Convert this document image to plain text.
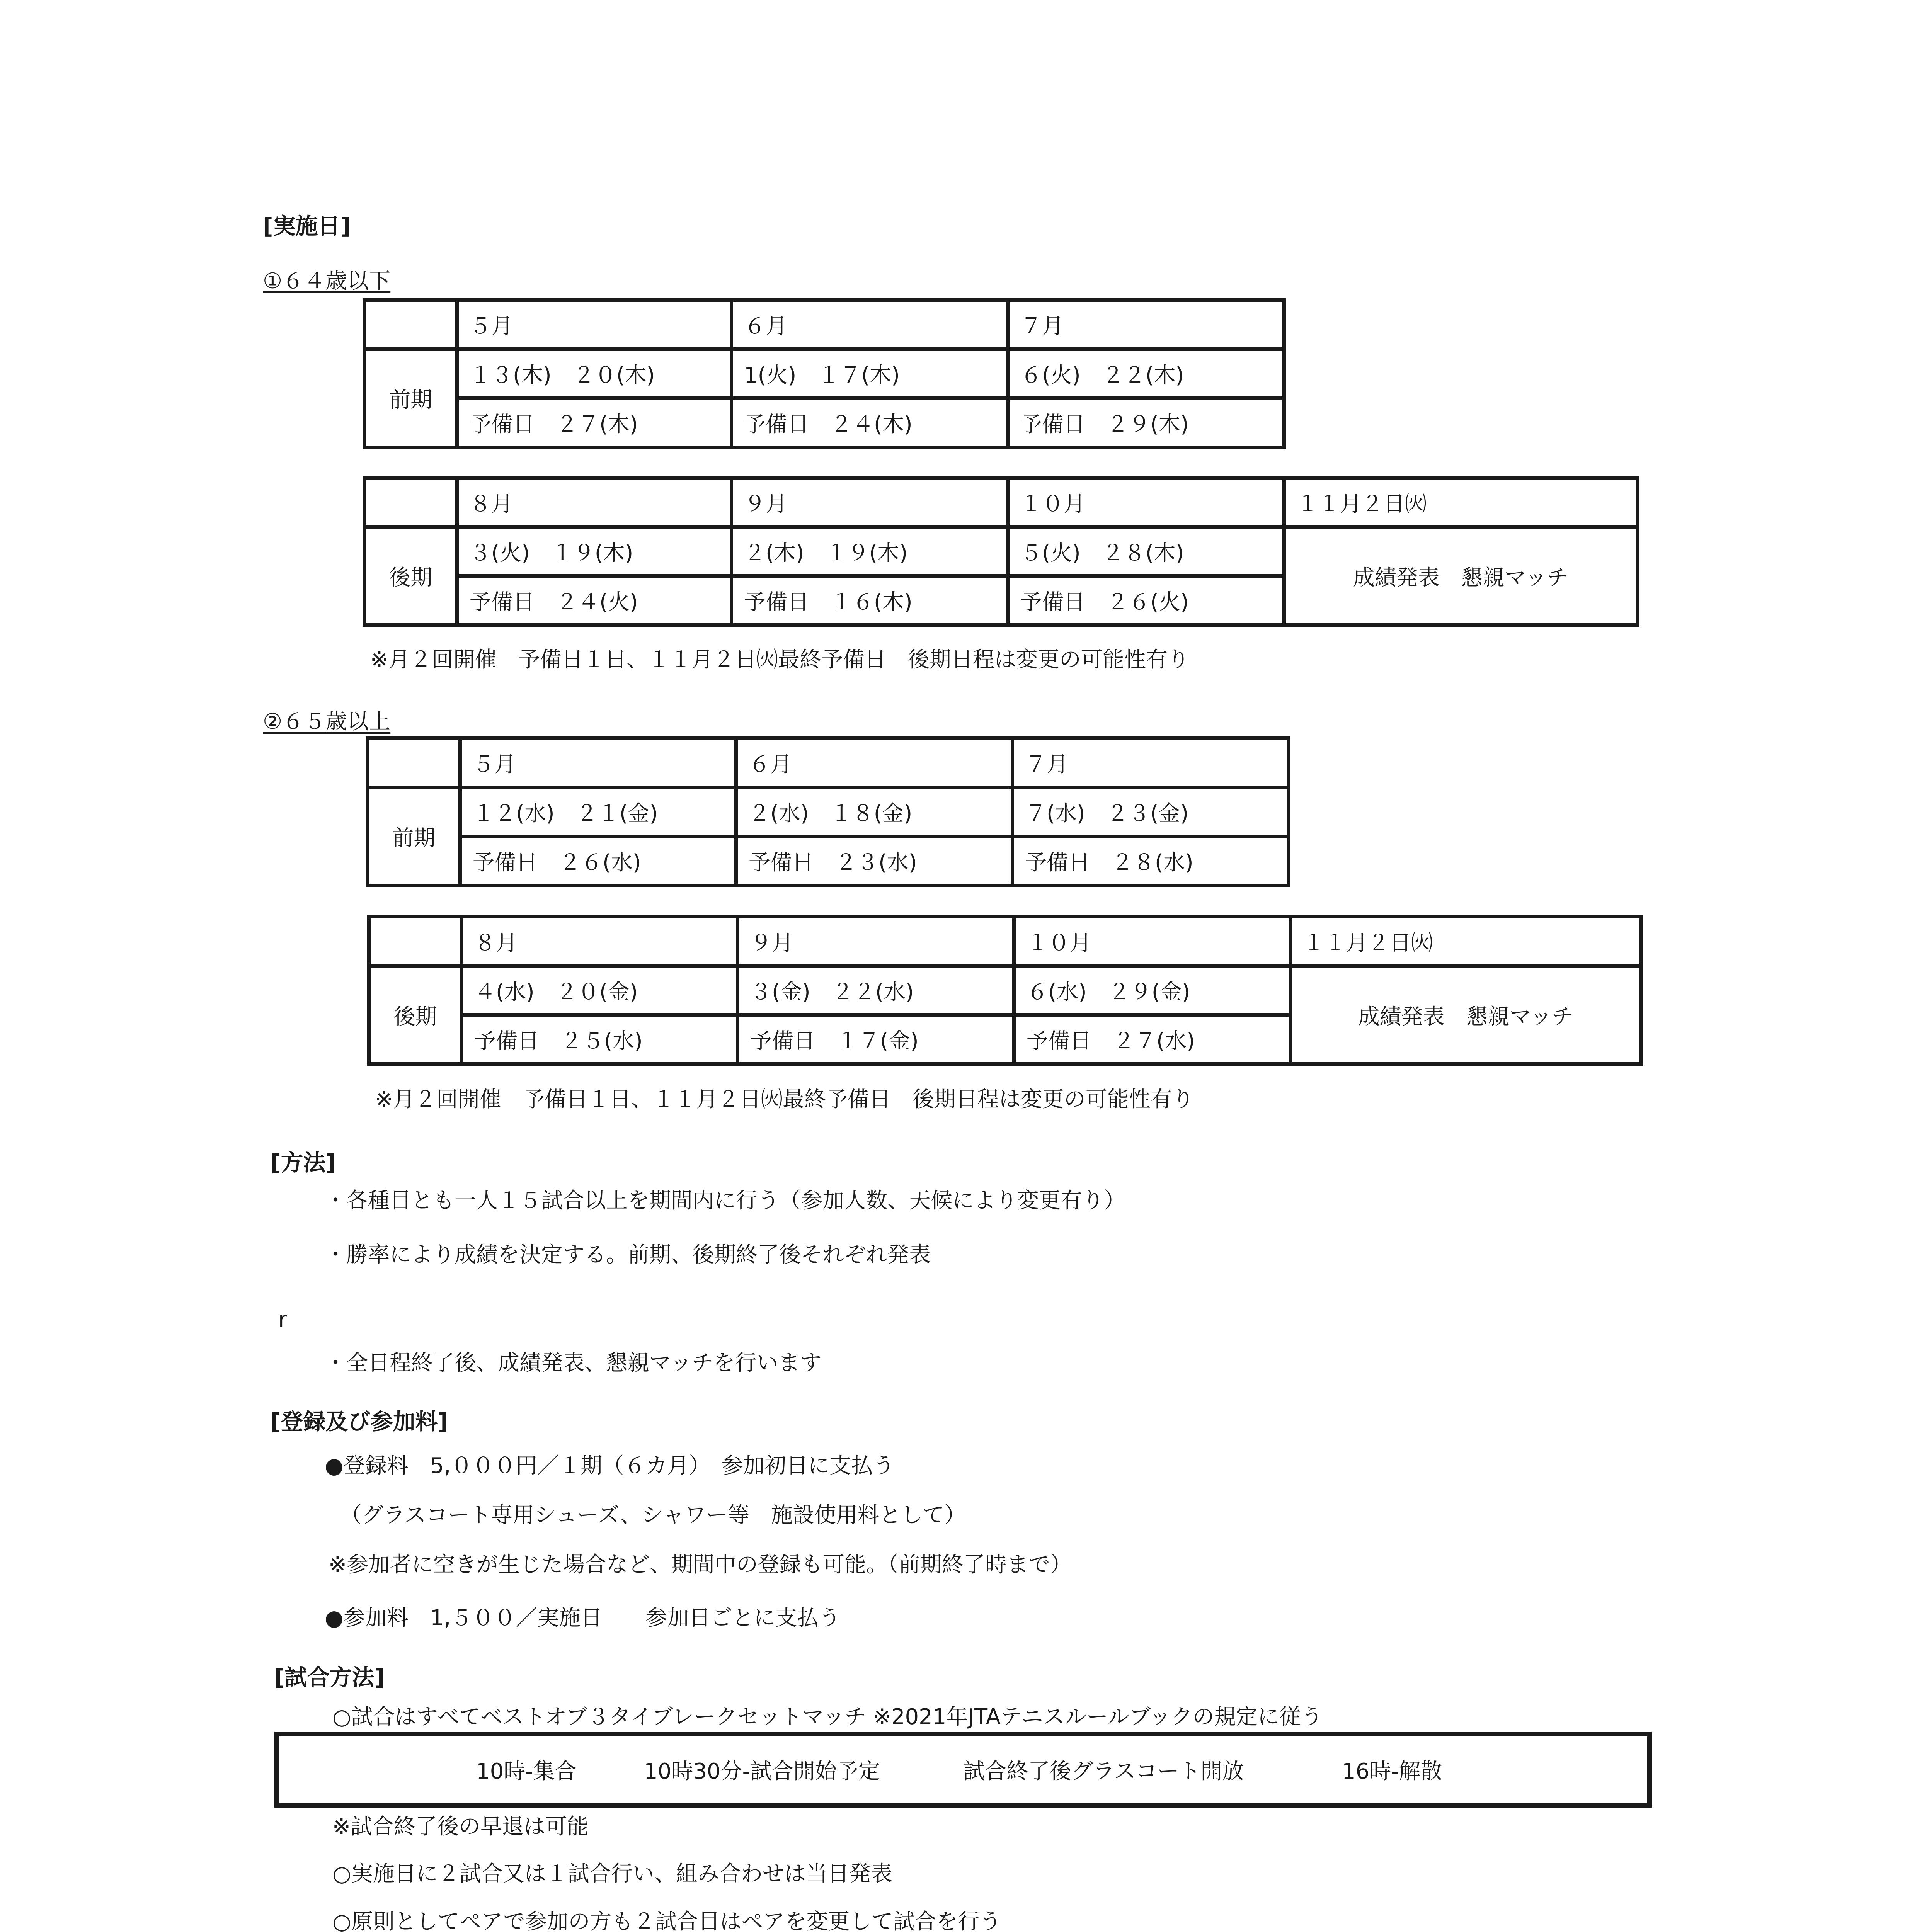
[実施日]
①６４歳以下
	５月	６月	７月
前期	１３(木)　２０(木)	1(火)　１７(木)	６(火)　２２(木)
	予備日　２７(木)	予備日　２４(木)	予備日　２９(木)
	８月	９月	１０月	１１月２日㈫
後期	３(火)　１９(木)	２(木)　１９(木)	５(火)　２８(木)	成績発表　懇親マッチ
	予備日　２４(火)	予備日　１６(木)	予備日　２６(火)	
※月２回開催　予備日１日、１１月２日㈫最終予備日　後期日程は変更の可能性有り
②６５歳以上
	５月	６月	７月
前期	１２(水)　２１(金)	２(水)　１８(金)	７(水)　２３(金)
	予備日　２６(水)	予備日　２３(水)	予備日　２８(水)
	８月	９月	１０月	１１月２日㈫
後期	４(水)　２０(金)	３(金)　２２(水)	６(水)　２９(金)	成績発表　懇親マッチ
	予備日　２５(水)	予備日　１７(金)	予備日　２７(水)	
※月２回開催　予備日１日、１１月２日㈫最終予備日　後期日程は変更の可能性有り
[方法]
・各種目とも一人１５試合以上を期間内に行う（参加人数、天候により変更有り）
・勝率により成績を決定する。前期、後期終了後それぞれ発表
r
・全日程終了後、成績発表、懇親マッチを行います
[登録及び参加料]
●登録料　5,０００円／１期（６カ月）　参加初日に支払う
（グラスコート専用シューズ、シャワー等　施設使用料として）
※参加者に空きが生じた場合など、期間中の登録も可能。（前期終了時まで）
●参加料　1,５００／実施日　　参加日ごとに支払う
[試合方法]
○試合はすべてベストオブ３タイブレークセットマッチ ※2021年JTAテニスルールブックの規定に従う
10時-集合	10時30分-試合開始予定	試合終了後グラスコート開放	16時-解散
※試合終了後の早退は可能
○実施日に２試合又は１試合行い、組み合わせは当日発表
○原則としてペアで参加の方も２試合目はペアを変更して試合を行う
